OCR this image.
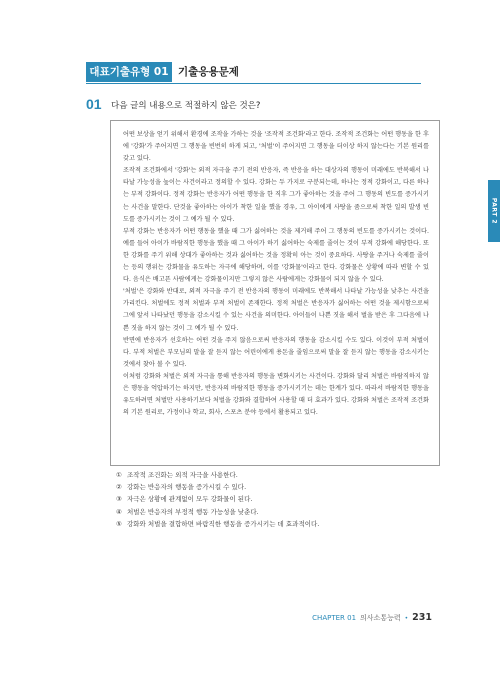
대표기출유형 01 기출응용문제
01 다음 글의 내용으로 적절하지 않은 것은?

어떤 보상을 얻기 위해서 환경에 조작을 가하는 것을 '조작적 조건화'라고 한다. 조작적 조건화는 어떤 행동을 한 후에 '강화'가 주어지면 그 행동을 빈번히 하게 되고, '처벌'이 주어지면 그 행동을 더이상 하지 않는다는 기본 원리를 갖고 있다.

조작적 조건화에서 '강화'는 외적 자극을 주기 전의 반응자, 즉 반응을 하는 대상자의 행동이 미래에도 반복해서 나타날 가능성을 높이는 사건이라고 정의할 수 있다. 강화는 두 가지로 구분되는데, 하나는 정적 강화이고, 다른 하나는 부적 강화이다. 정적 강화는 반응자가 어떤 행동을 한 직후 그가 좋아하는 것을 주어 그 행동의 빈도를 증가시키는 사건을 말한다. 단것을 좋아하는 아이가 착한 일을 했을 경우, 그 아이에게 사탕을 줌으로써 착한 일의 발생 빈도를 증가시키는 것이 그 예가 될 수 있다.

부적 강화는 반응자가 어떤 행동을 했을 때 그가 싫어하는 것을 제거해 주어 그 행동의 빈도를 증가시키는 것이다. 예를 들어 아이가 바람직한 행동을 했을 때 그 아이가 하기 싫어하는 숙제를 줄이는 것이 부적 강화에 해당한다. 또한 강화를 주기 위해 상대가 좋아하는 것과 싫어하는 것을 정확히 아는 것이 중요하다. 사탕을 주거나 숙제를 줄이는 등의 행위는 강화물을 유도하는 자극에 해당하며, 이를 '강화물'이라고 한다. 강화물은 상황에 따라 변할 수 있다. 음식은 배고픈 사람에게는 강화물이지만 그렇지 않은 사람에게는 강화물이 되지 않을 수 있다.

'처벌'은 강화와 반대로, 외적 자극을 주기 전 반응자의 행동이 미래에도 반복해서 나타날 가능성을 낮추는 사건을 가리킨다. 처벌에도 정적 처벌과 부적 처벌이 존재한다. 정적 처벌은 반응자가 싫어하는 어떤 것을 제시함으로써 그에 앞서 나타났던 행동을 감소시킬 수 있는 사건을 의미한다. 아이들이 나쁜 짓을 해서 벌을 받은 후 그다음에 나쁜 짓을 하지 않는 것이 그 예가 될 수 있다.

반면에 반응자가 선호하는 어떤 것을 주지 않음으로써 반응자의 행동을 감소시킬 수도 있다. 이것이 부적 처벌이다. 부적 처벌은 부모님의 말을 잘 듣지 않는 어린이에게 용돈을 줄임으로써 말을 잘 듣지 않는 행동을 감소시키는 것에서 찾아 볼 수 있다.

이처럼 강화와 처벌은 외적 자극을 통해 반응자의 행동을 변화시키는 사건이다. 강화와 달리 처벌은 바람직하지 않은 행동을 억압하기는 하지만, 반응자의 바람직한 행동을 증가시키기는 데는 한계가 있다. 따라서 바람직한 행동을 유도하려면 처벌만 사용하기보다 처벌을 강화와 결합하여 사용할 때 더 효과가 있다. 강화와 처벌은 조작적 조건화의 기본 원리로, 가정이나 학교, 회사, 스포츠 분야 등에서 활용되고 있다.

① 조작적 조건화는 외적 자극을 사용한다.
② 강화는 반응자의 행동을 증가시킬 수 있다.
③ 자극은 상황에 관계없이 모두 강화물이 된다.
④ 처벌은 반응자의 부정적 행동 가능성을 낮춘다.
⑤ 강화와 처벌을 결합하면 바람직한 행동을 증가시키는 데 효과적이다.
PART 2
CHAPTER 01 의사소통능력 • 231
